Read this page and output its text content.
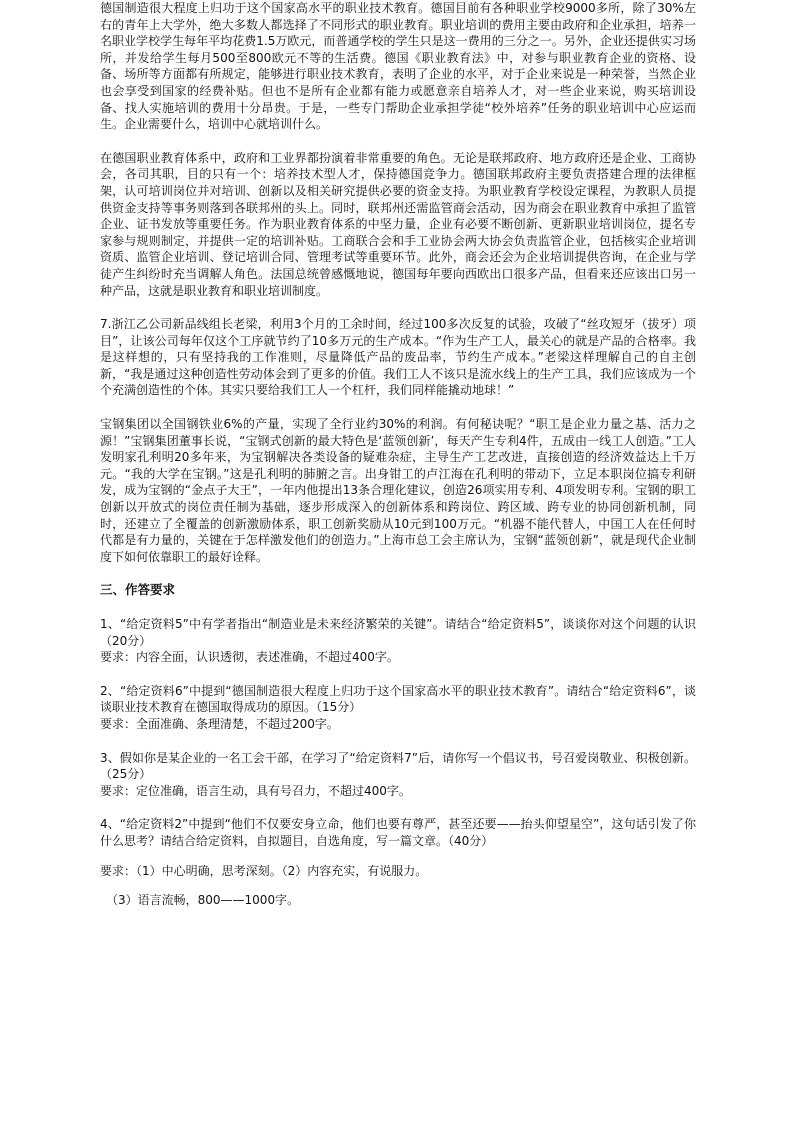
德国制造很大程度上归功于这个国家高水平的职业技术教育。德国目前有各种职业学校9000多所，除了30%左右的青年上大学外，绝大多数人都选择了不同形式的职业教育。职业培训的费用主要由政府和企业承担，培养一名职业学校学生每年平均花费1.5万欧元，而普通学校的学生只是这一费用的三分之一。另外，企业还提供实习场所，并发给学生每月500至800欧元不等的生活费。德国《职业教育法》中，对参与职业教育企业的资格、设备、场所等方面都有所规定，能够进行职业技术教育，表明了企业的水平，对于企业来说是一种荣誉，当然企业也会享受到国家的经费补贴。但也不是所有企业都有能力或愿意亲自培养人才，对一些企业来说，购买培训设备、找人实施培训的费用十分昂贵。于是，一些专门帮助企业承担学徒“校外培养”任务的职业培训中心应运而生。企业需要什么，培训中心就培训什么。

在德国职业教育体系中，政府和工业界都扮演着非常重要的角色。无论是联邦政府、地方政府还是企业、工商协会，各司其职，目的只有一个：培养技术型人才，保持德国竞争力。德国联邦政府主要负责搭建合理的法律框架，认可培训岗位并对培训、创新以及相关研究提供必要的资金支持。为职业教育学校设定课程，为教职人员提供资金支持等事务则落到各联邦州的头上。同时，联邦州还需监管商会活动，因为商会在职业教育中承担了监管企业、证书发放等重要任务。作为职业教育体系的中坚力量，企业有必要不断创新、更新职业培训岗位，提名专家参与规则制定，并提供一定的培训补贴。工商联合会和手工业协会两大协会负责监管企业，包括核实企业培训资质、监管企业培训、登记培训合同、管理考试等重要环节。此外，商会还会为企业培训提供咨询，在企业与学徒产生纠纷时充当调解人角色。法国总统曾感慨地说，德国每年要向西欧出口很多产品，但看来还应该出口另一种产品，这就是职业教育和职业培训制度。

7.浙江乙公司新品线组长老梁，利用3个月的工余时间，经过100多次反复的试验，攻破了“丝攻短牙（拔牙）项目”，让该公司每年仅这个工序就节约了10多万元的生产成本。“作为生产工人，最关心的就是产品的合格率。我是这样想的，只有坚持我的工作准则，尽量降低产品的废品率，节约生产成本。”老梁这样理解自己的自主创新，“我是通过这种创造性劳动体会到了更多的价值。我们工人不该只是流水线上的生产工具，我们应该成为一个个充满创造性的个体。其实只要给我们工人一个杠杆，我们同样能撬动地球！”

宝钢集团以全国钢铁业6%的产量，实现了全行业约30%的利润。有何秘诀呢？“职工是企业力量之基、活力之源！”宝钢集团董事长说，“宝钢式创新的最大特色是‘蓝领创新’，每天产生专利4件，五成由一线工人创造。”工人发明家孔利明20多年来，为宝钢解决各类设备的疑难杂症，主导生产工艺改进，直接创造的经济效益达上千万元。“我的大学在宝钢。”这是孔利明的肺腑之言。出身钳工的卢江海在孔利明的带动下，立足本职岗位搞专利研发，成为宝钢的“金点子大王”，一年内他提出13条合理化建议，创造26项实用专利、4项发明专利。宝钢的职工创新以开放式的岗位责任制为基础，逐步形成深入的创新体系和跨岗位、跨区域、跨专业的协同创新机制，同时，还建立了全覆盖的创新激励体系，职工创新奖励从10元到100万元。“机器不能代替人，中国工人在任何时代都是有力量的，关键在于怎样激发他们的创造力。”上海市总工会主席认为，宝钢“蓝领创新”，就是现代企业制度下如何依靠职工的最好诠释。

三、作答要求

1、“给定资料5”中有学者指出“制造业是未来经济繁荣的关键”。请结合“给定资料5”，谈谈你对这个问题的认识（20分）

要求：内容全面，认识透彻，表述准确，不超过400字。

2、“给定资料6”中提到“德国制造很大程度上归功于这个国家高水平的职业技术教育”。请结合“给定资料6”，谈谈职业技术教育在德国取得成功的原因。（15分）

要求：全面准确、条理清楚，不超过200字。

3、假如你是某企业的一名工会干部，在学习了“给定资料7”后，请你写一个倡议书，号召爱岗敬业、积极创新。（25分）

要求：定位准确，语言生动，具有号召力，不超过400字。

4、“给定资料2”中提到“他们不仅要安身立命，他们也要有尊严，甚至还要——抬头仰望星空”，这句话引发了你什么思考？请结合给定资料，自拟题目，自选角度，写一篇文章。（40分）

要求：（1）中心明确，思考深刻。（2）内容充实，有说服力。

（3）语言流畅，800——1000字。
